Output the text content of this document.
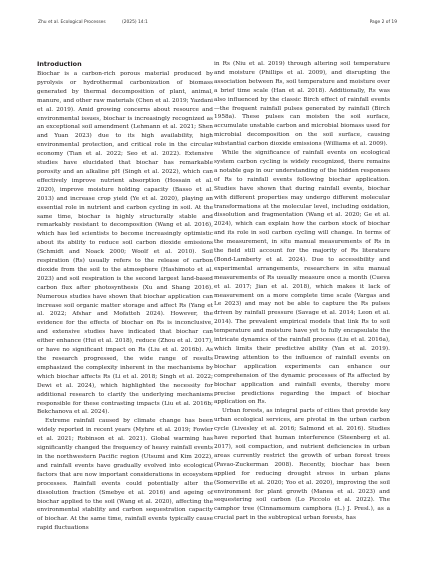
Zhu et al. Ecological Processes	(2025) 14:1	Page 2 of 19
Introduction

Biochar is a carbon-rich porous material produced by pyrolysis or hydrothermal carbonization of biomass generated by thermal decomposition of plant, animal, manure, and other raw materials (Chen et al. 2019; Yazdani et al. 2019). Amid growing concerns about resource and environmental issues, biochar is increasingly recognized as an exceptional soil amendment (Lehmann et al. 2021; Shen and Yuan 2023) due to its high availability, high environmental protection, and critical role in the circular economy (Tian et al. 2022; Seo et al. 2022). Extensive studies have elucidated that biochar has remarkable porosity and an alkaline pH (Singh et al. 2022), which can effectively improve nutrient absorption (Hossain et al. 2020), improve moisture holding capacity (Basso et al. 2013) and increase crop yield (Ye et al. 2020), playing an essential role in nutrient and carbon cycling in soil. At the same time, biochar is highly structurally stable and remarkably resistant to decomposition (Wang et al. 2016), which has led scientists to become increasingly optimistic about its ability to reduce soil carbon dioxide emissions (Schmidt and Noack 2000; Woolf et al. 2010). Soil respiration (Rs) usually refers to the release of carbon dioxide from the soil to the atmosphere (Hashimoto et al. 2023) and soil respiration is the second largest land-based carbon flux after photosynthesis (Xu and Shang 2016). Numerous studies have shown that biochar application can increase soil organic matter storage and affect Rs (Yang et al. 2022; Afshar and Mofatteh 2024). However, the evidence for the effects of biochar on Rs is inconclusive, and extensive studies have indicated that biochar can either enhance (Hui et al. 2018), reduce (Zhou et al. 2017), or have no significant impact on Rs (Liu et al. 2016b). As the research progressed, the wide range of results emphasized the complexity inherent in the mechanisms by which biochar affects Rs (Li et al. 2018; Singh et al. 2022; Dewi et al. 2024), which highlighted the necessity for additional research to clarify the underlying mechanisms responsible for these contrasting impacts (Liu et al. 2016b; Bekchanova et al. 2024).

Extreme rainfall caused by climate change has been widely reported in recent years (Myhre et al. 2019; Fowler et al. 2021; Robinson et al. 2021). Global warming has significantly changed the frequency of heavy rainfall events in the northwestern Pacific region (Utsumi and Kim 2022), and rainfall events have gradually evolved into ecological factors that are now important considerations in ecosystem processes. Rainfall events could potentially alter the dissolution fraction (Smebye et al. 2016) and ageing of biochar applied to the soil (Wang et al. 2020), affecting the environmental stability and carbon sequestration capacity of biochar. At the same time, rainfall events typically cause rapid fluctuations

in Rs (Niu et al. 2019) through altering soil temperature and moisture (Phillips et al. 2009), and disrupting the association between Rs, soil temperature and moisture over a brief time scale (Han et al. 2018). Additionally, Rs was also influenced by the classic Birch effect of rainfall events—the frequent rainfall pulses generated by rainfall (Birch 1958a). These pulses can moisten the soil surface, accumulate unstable carbon and microbial biomass used for microbial decomposition on the soil surface, causing substantial carbon dioxide emissions (Williams et al. 2009).

While the significance of rainfall events on ecological system carbon cycling is widely recognized, there remains a notable gap in our understanding of the hidden responses of Rs to rainfall events following biochar application. Studies have shown that during rainfall events, biochar with different properties may undergo different molecular transformations at the molecular level, including oxidation, dissolution and fragmentation (Wang et al. 2020; Ge et al. 2024), which can explain how the carbon stock of biochar and its role in soil carbon cycling will change. In terms of the measurement, in situ manual measurements of Rs in the field still account for the majority of Rs literature (Bond-Lamberty et al. 2024). Due to accessibility and experimental arrangements, researchers in situ manual measurements of Rs usually measure once a month (Cueva et al. 2017; Jian et al. 2018), which makes it lack of measurement on a more complete time scale (Vargas and Le 2023) and may not be able to capture the Rs pulses driven by rainfall pressure (Savage et al. 2014; Leon et al. 2014). The prevalent empirical models that link Rs to soil temperature and moisture have yet to fully encapsulate the intricate dynamics of the rainfall process (Liu et al. 2016a), which limits their predictive ability (Yan et al. 2019). Drawing attention to the influence of rainfall events on biochar application experiments can enhance our comprehension of the dynamic processes of Rs affected by biochar application and rainfall events, thereby more precise predictions regarding the impact of biochar application on Rs.

Urban forests, as integral parts of cities that provide key urban ecological services, are pivotal in the urban carbon cycle (Livesley et al. 2016; Salmond et al. 2016). Studies have reported that human interference (Steenberg et al. 2017), soil compaction, and nutrient deficiencies in urban areas currently restrict the growth of urban forest trees (Pavao-Zuckerman 2008). Recently, biochar has been applied for reducing drought stress in urban plans (Somerville et al. 2020; Yoo et al. 2020), improving the soil environment for plant growth (Manea et al. 2023) and sequestering soil carbon (Lo Piccolo et al. 2022). The camphor tree (Cinnamomum camphora (L.) J. Presl.), as a crucial part in the subtropical urban forests, has
